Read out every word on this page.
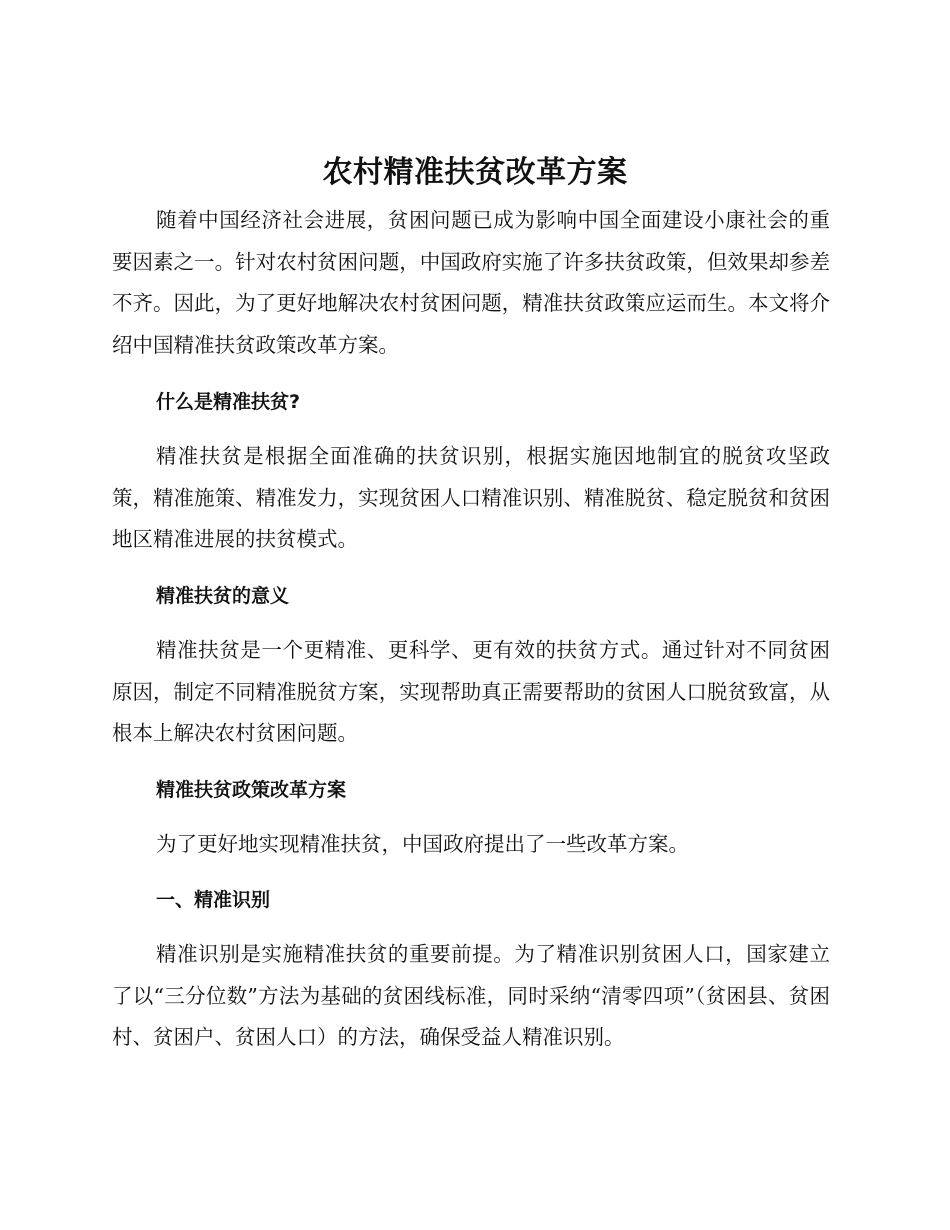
农村精准扶贫改革方案

随着中国经济社会进展，贫困问题已成为影响中国全面建设小康社会的重要因素之一。针对农村贫困问题，中国政府实施了许多扶贫政策，但效果却参差不齐。因此，为了更好地解决农村贫困问题，精准扶贫政策应运而生。本文将介绍中国精准扶贫政策改革方案。

什么是精准扶贫?

精准扶贫是根据全面准确的扶贫识别，根据实施因地制宜的脱贫攻坚政策，精准施策、精准发力，实现贫困人口精准识别、精准脱贫、稳定脱贫和贫困地区精准进展的扶贫模式。

精准扶贫的意义

精准扶贫是一个更精准、更科学、更有效的扶贫方式。通过针对不同贫困原因，制定不同精准脱贫方案，实现帮助真正需要帮助的贫困人口脱贫致富，从根本上解决农村贫困问题。

精准扶贫政策改革方案

为了更好地实现精准扶贫，中国政府提出了一些改革方案。

一、精准识别

精准识别是实施精准扶贫的重要前提。为了精准识别贫困人口，国家建立了以“三分位数”方法为基础的贫困线标准，同时采纳“清零四项”（贫困县、贫困村、贫困户、贫困人口）的方法，确保受益人精准识别。
